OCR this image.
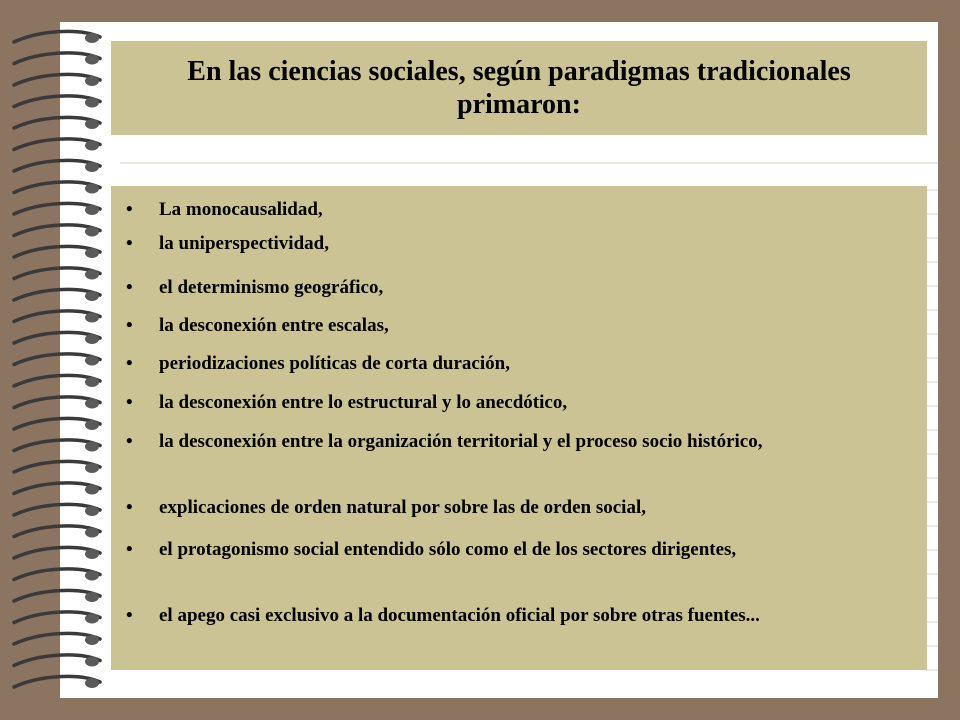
En las ciencias sociales, según paradigmas tradicionales primaron:
• La monocausalidad,
• la uniperspectividad,
• el determinismo geográfico,
• la desconexión entre escalas,
• periodizaciones políticas de corta duración,
• la desconexión entre lo estructural y lo anecdótico,
• la desconexión entre la organización territorial y el proceso socio histórico,
• explicaciones de orden natural por sobre las de orden social,
• el protagonismo social entendido sólo como el de los sectores dirigentes,
• el apego casi exclusivo a la documentación oficial por sobre otras fuentes...
